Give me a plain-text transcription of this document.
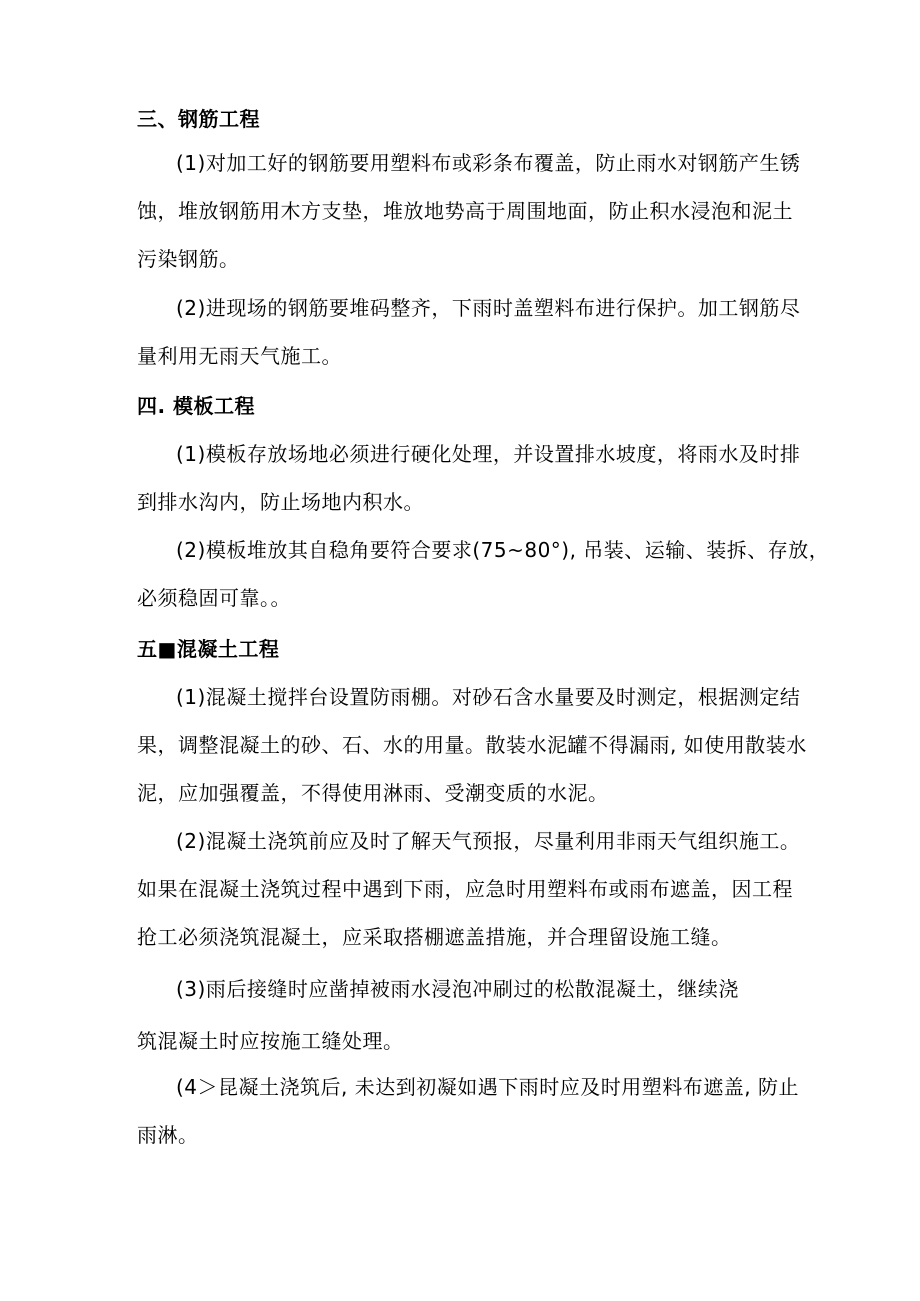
三、钢筋工程
(1)对加工好的钢筋要用塑料布或彩条布覆盖，防止雨水对钢筋产生锈
蚀，堆放钢筋用木方支垫，堆放地势高于周围地面，防止积水浸泡和泥土
污染钢筋。
(2)进现场的钢筋要堆码整齐，下雨时盖塑料布进行保护。加工钢筋尽
量利用无雨天气施工。
四. 模板工程
(1)模板存放场地必须进行硬化处理，并设置排水坡度，将雨水及时排
到排水沟内，防止场地内积水。
(2)模板堆放其自稳角要符合要求(75~80°), 吊装、运输、装拆、存放，
必须稳固可靠。。
五■混凝土工程
(1)混凝土搅拌台设置防雨棚。对砂石含水量要及时测定，根据测定结
果，调整混凝土的砂、石、水的用量。散装水泥罐不得漏雨, 如使用散装水
泥，应加强覆盖，不得使用淋雨、受潮变质的水泥。
(2)混凝土浇筑前应及时了解天气预报，尽量利用非雨天气组织施工。
如果在混凝土浇筑过程中遇到下雨，应急时用塑料布或雨布遮盖，因工程
抢工必须浇筑混凝土，应采取搭棚遮盖措施，并合理留设施工缝。
(3)雨后接缝时应凿掉被雨水浸泡冲刷过的松散混凝土，继续浇
筑混凝土时应按施工缝处理。
(4＞昆凝土浇筑后, 未达到初凝如遇下雨时应及时用塑料布遮盖, 防止
雨淋。
